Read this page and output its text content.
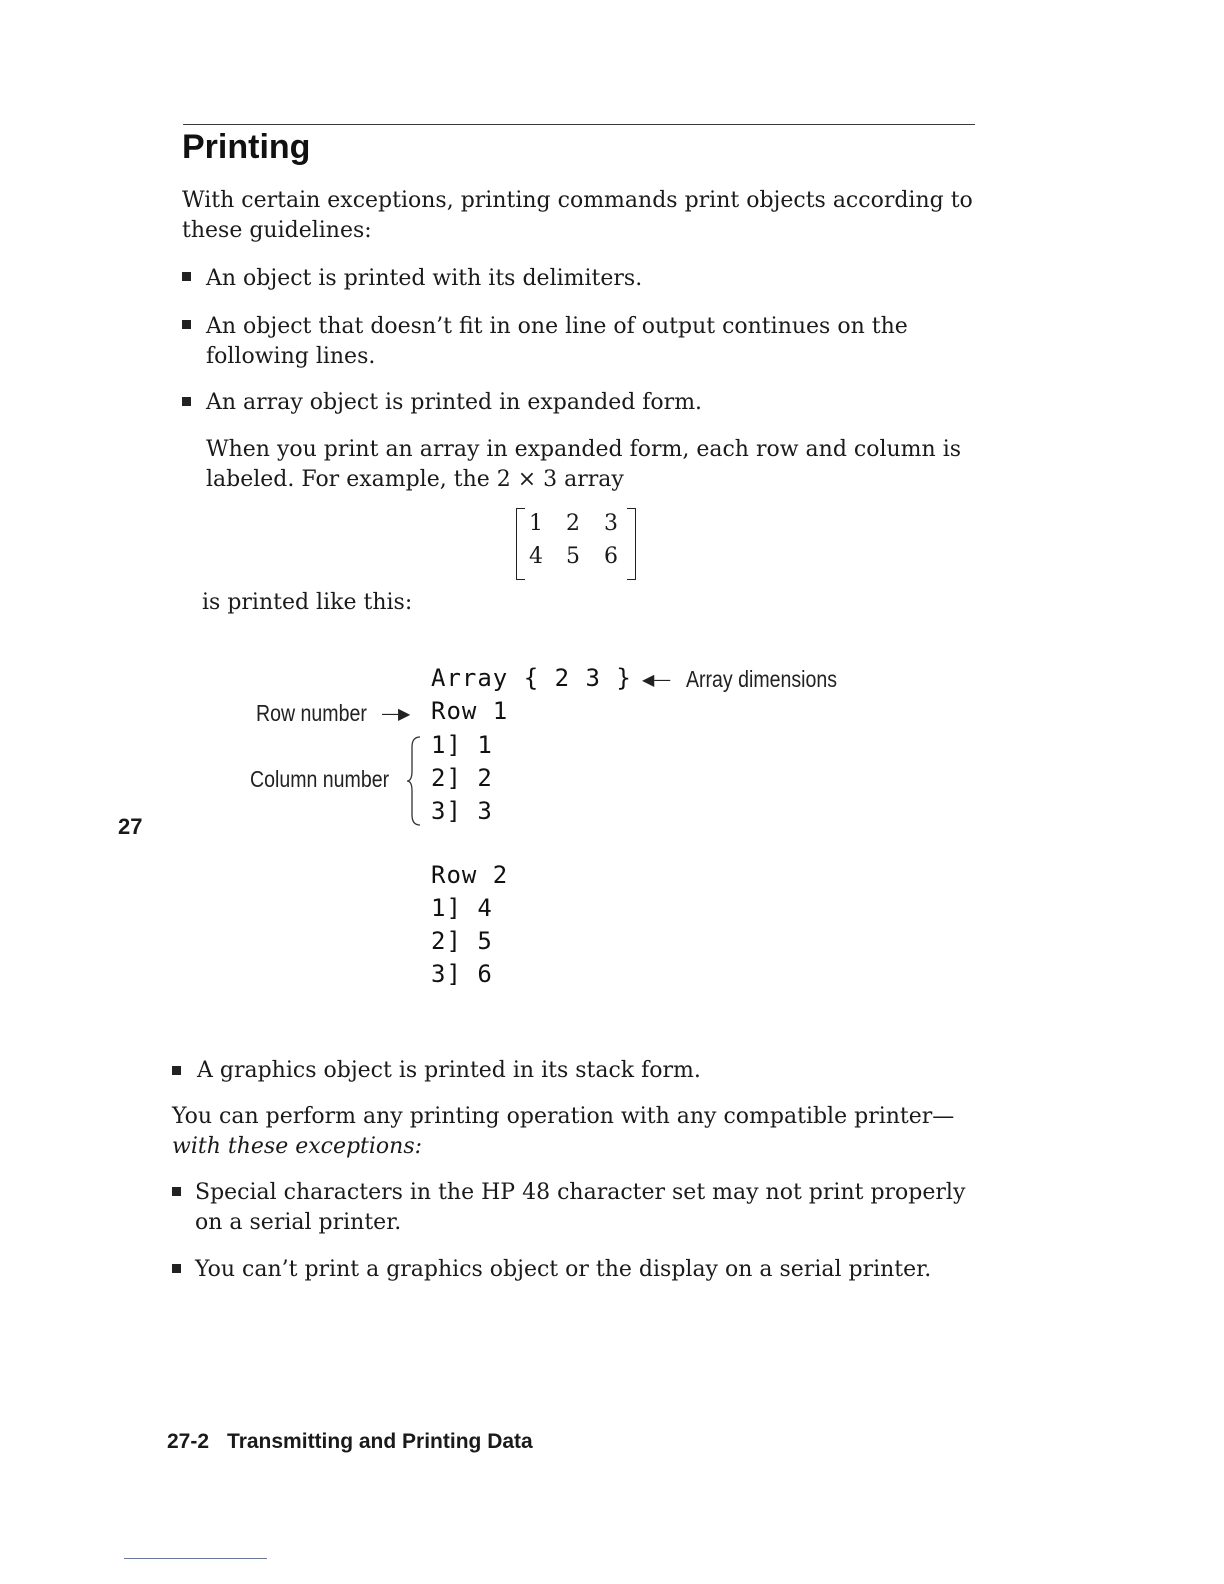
Printing
With certain exceptions, printing commands print objects according to these guidelines:
An object is printed with its delimiters.
An object that doesn’t fit in one line of output continues on the following lines.
An array object is printed in expanded form.
When you print an array in expanded form, each row and column is labeled. For example, the 2 × 3 array
1 2 3
4 5 6
is printed like this:
Array { 2 3 } ◀― Array dimensions
Row number ―▶ Row 1
Column number
1] 1
2] 2
3] 3
Row 2
1] 4
2] 5
3] 6
27
A graphics object is printed in its stack form.
You can perform any printing operation with any compatible printer—
with these exceptions:
Special characters in the HP 48 character set may not print properly on a serial printer.
You can’t print a graphics object or the display on a serial printer.
27-2 Transmitting and Printing Data
